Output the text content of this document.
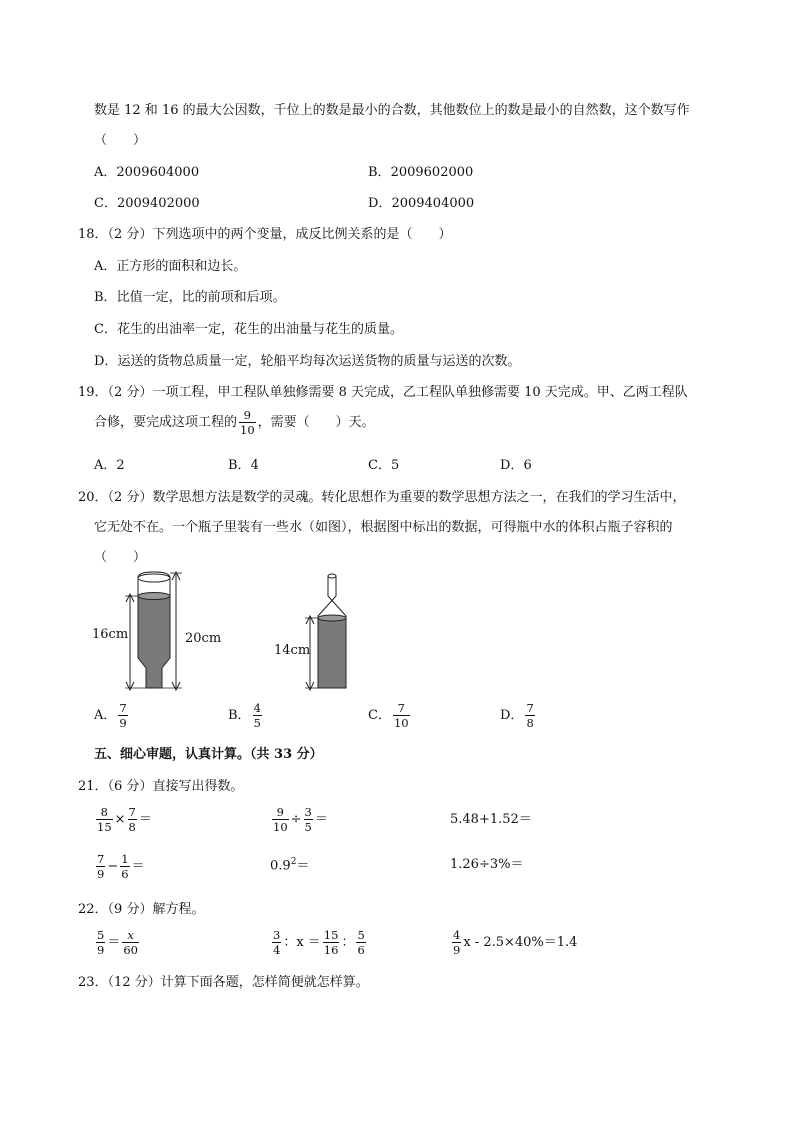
数是 12 和 16 的最大公因数，千位上的数是最小的合数，其他数位上的数是最小的自然数，这个数写作
（　　）
A．2009604000	B．2009602000
C．2009402000	D．2009404000
18．（2 分）下列选项中的两个变量，成反比例关系的是（　　）
A．正方形的面积和边长。
B．比值一定，比的前项和后项。
C．花生的出油率一定，花生的出油量与花生的质量。
D．运送的货物总质量一定，轮船平均每次运送货物的质量与运送的次数。
19．（2 分）一项工程，甲工程队单独修需要 8 天完成，乙工程队单独修需要 10 天完成。甲、乙两工程队
合修，要完成这项工程的 $\frac{9}{10}$ ，需要（　　）天。
A．2	B．4	C．5	D．6
20．（2 分）数学思想方法是数学的灵魂。转化思想作为重要的数学思想方法之一，在我们的学习生活中，
它无处不在。一个瓶子里装有一些水（如图），根据图中标出的数据，可得瓶中水的体积占瓶子容积的
（　　）
16cm	20cm
14cm
A． $\frac{7}{9}$	B． $\frac{4}{5}$	C． $\frac{7}{10}$	D． $\frac{7}{8}$
五、细心审题，认真计算。（共 33 分）
21．（6 分）直接写出得数。
$\frac{8}{15} \times \frac{7}{8}$ ＝	$\frac{9}{10} \div \frac{3}{5}$ ＝	5.48+1.52＝
$\frac{7}{9} - \frac{1}{6}$ ＝	$0.9^2=$	1.26÷3%＝
22．（9 分）解方程。
$\frac{5}{9} = \frac{x}{60}$	$\frac{3}{4}$ ：$x = \frac{15}{16}$ ： $\frac{5}{6}$	$\frac{4}{9}$ x - 2.5×40%＝1.4
23．（12 分）计算下面各题，怎样简便就怎样算。
